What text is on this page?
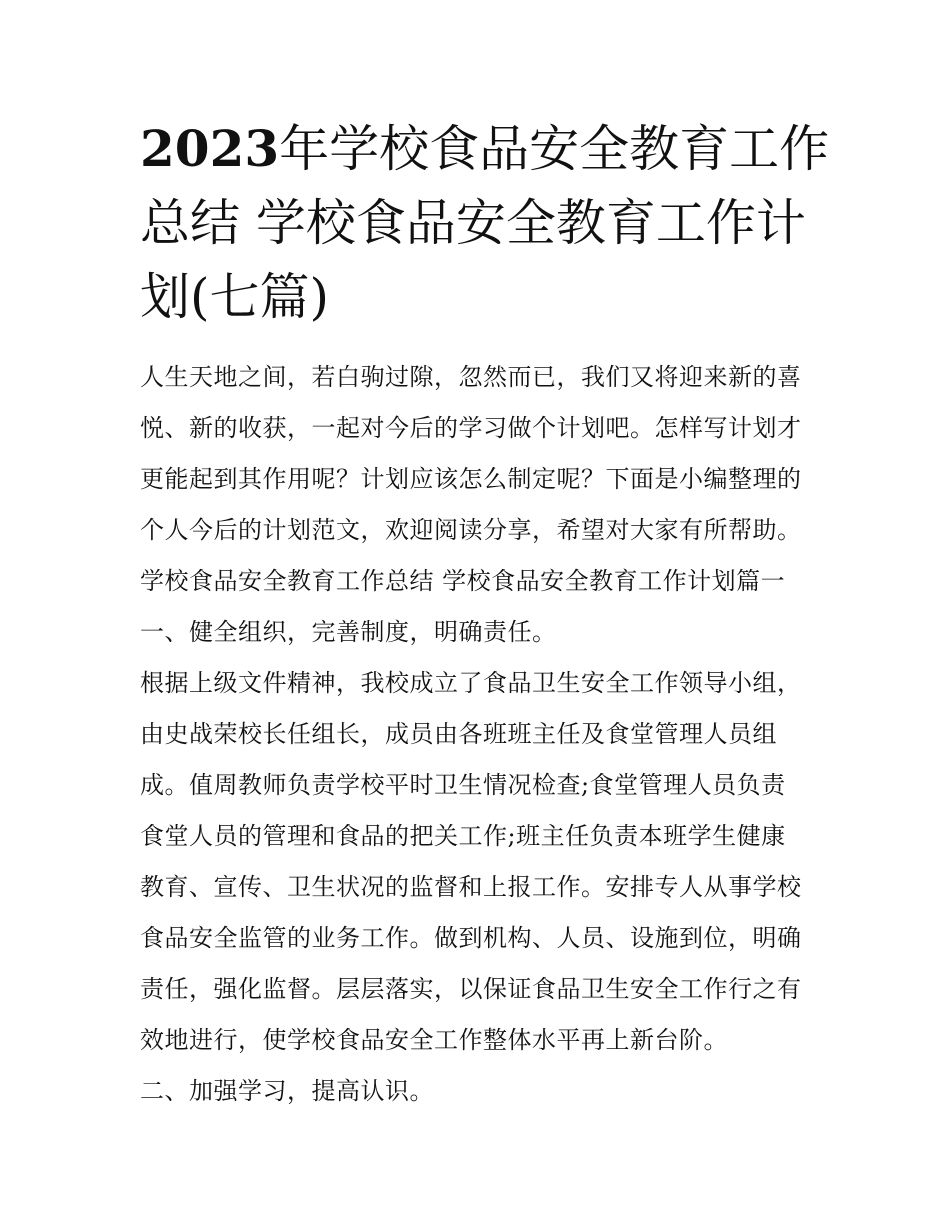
2023年学校食品安全教育工作
总结 学校食品安全教育工作计
划(七篇)
人生天地之间，若白驹过隙，忽然而已，我们又将迎来新的喜
悦、新的收获，一起对今后的学习做个计划吧。怎样写计划才
更能起到其作用呢？计划应该怎么制定呢？下面是小编整理的
个人今后的计划范文，欢迎阅读分享，希望对大家有所帮助。
学校食品安全教育工作总结 学校食品安全教育工作计划篇一
一、健全组织，完善制度，明确责任。
根据上级文件精神，我校成立了食品卫生安全工作领导小组，
由史战荣校长任组长，成员由各班班主任及食堂管理人员组
成。值周教师负责学校平时卫生情况检查;食堂管理人员负责
食堂人员的管理和食品的把关工作;班主任负责本班学生健康
教育、宣传、卫生状况的监督和上报工作。安排专人从事学校
食品安全监管的业务工作。做到机构、人员、设施到位，明确
责任，强化监督。层层落实，以保证食品卫生安全工作行之有
效地进行，使学校食品安全工作整体水平再上新台阶。
二、加强学习，提高认识。
